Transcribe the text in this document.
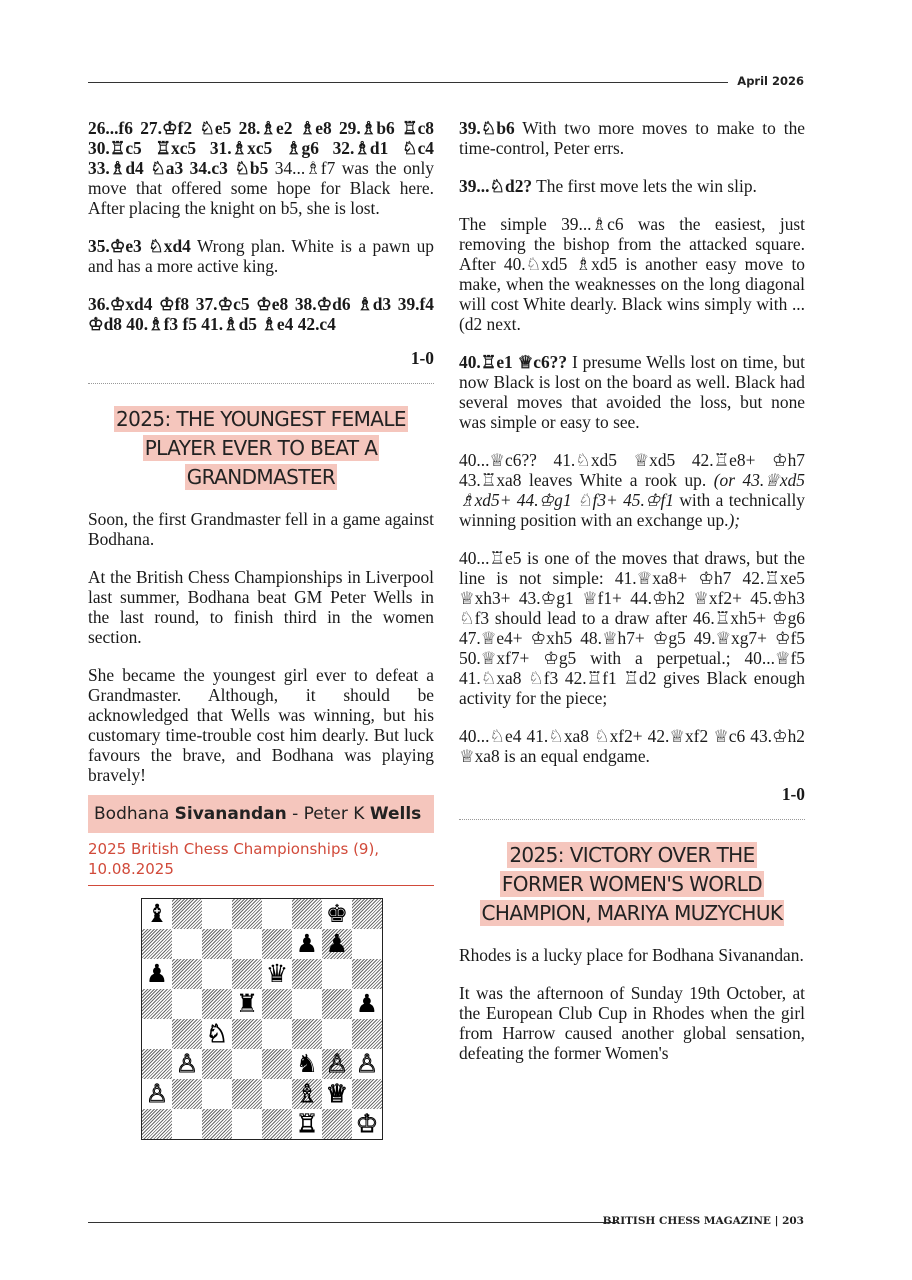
April 2026

26...f6 27.♔f2 ♘e5 28.♗e2 ♗e8 29.♗b6 ♖c8 30.♖c5 ♖xc5 31.♗xc5 ♗g6 32.♗d1 ♘c4 33.♗d4 ♘a3 34.c3 ♘b5 34...♗f7 was the only move that offered some hope for Black here. After placing the knight on b5, she is lost.

35.♔e3 ♘xd4 Wrong plan. White is a pawn up and has a more active king.

36.♔xd4 ♔f8 37.♔c5 ♔e8 38.♔d6 ♗d3 39.f4 ♔d8 40.♗f3 f5 41.♗d5 ♗e4 42.c4

1-0
2025: THE YOUNGEST FEMALE PLAYER EVER TO BEAT A GRANDMASTER

Soon, the first Grandmaster fell in a game against Bodhana.

At the British Chess Championships in Liverpool last summer, Bodhana beat GM Peter Wells in the last round, to finish third in the women section.

She became the youngest girl ever to defeat a Grandmaster. Although, it should be acknowledged that Wells was winning, but his customary time-trouble cost him dearly. But luck favours the brave, and Bodhana was playing bravely!

Bodhana Sivanandan - Peter K Wells
2025 British Chess Championships (9), 10.08.2025
♝	♚
♟ ♟
♟	♛
♜	♟
♘
♙	♞ ♙ ♙
♙	♗ ♕
♖ ♔

39.♘b6 With two more moves to make to the time-control, Peter errs.

39...♘d2? The first move lets the win slip.

The simple 39...♗c6 was the easiest, just removing the bishop from the attacked square. After 40.♘xd5 ♗xd5 is another easy move to make, when the weaknesses on the long diagonal will cost White dearly. Black wins simply with ...(d2 next.

40.♖e1 ♕c6?? I presume Wells lost on time, but now Black is lost on the board as well. Black had several moves that avoided the loss, but none was simple or easy to see.

40...♕c6?? 41.♘xd5 ♕xd5 42.♖e8+ ♔h7 43.♖xa8 leaves White a rook up. (or 43.♕xd5 ♗xd5+ 44.♔g1 ♘f3+ 45.♔f1 with a technically winning position with an exchange up.);

40...♖e5 is one of the moves that draws, but the line is not simple: 41.♕xa8+ ♔h7 42.♖xe5 ♕xh3+ 43.♔g1 ♕f1+ 44.♔h2 ♕xf2+ 45.♔h3 ♘f3 should lead to a draw after 46.♖xh5+ ♔g6 47.♕e4+ ♔xh5 48.♕h7+ ♔g5 49.♕xg7+ ♔f5 50.♕xf7+ ♔g5 with a perpetual.; 40...♕f5 41.♘xa8 ♘f3 42.♖f1 ♖d2 gives Black enough activity for the piece;

40...♘e4 41.♘xa8 ♘xf2+ 42.♕xf2 ♕c6 43.♔h2 ♕xa8 is an equal endgame.

1-0
2025: VICTORY OVER THE FORMER WOMEN'S WORLD CHAMPION, MARIYA MUZYCHUK

Rhodes is a lucky place for Bodhana Sivanandan.

It was the afternoon of Sunday 19th October, at the European Club Cup in Rhodes when the girl from Harrow caused another global sensation, defeating the former Women's

BRITISH CHESS MAGAZINE | 203
